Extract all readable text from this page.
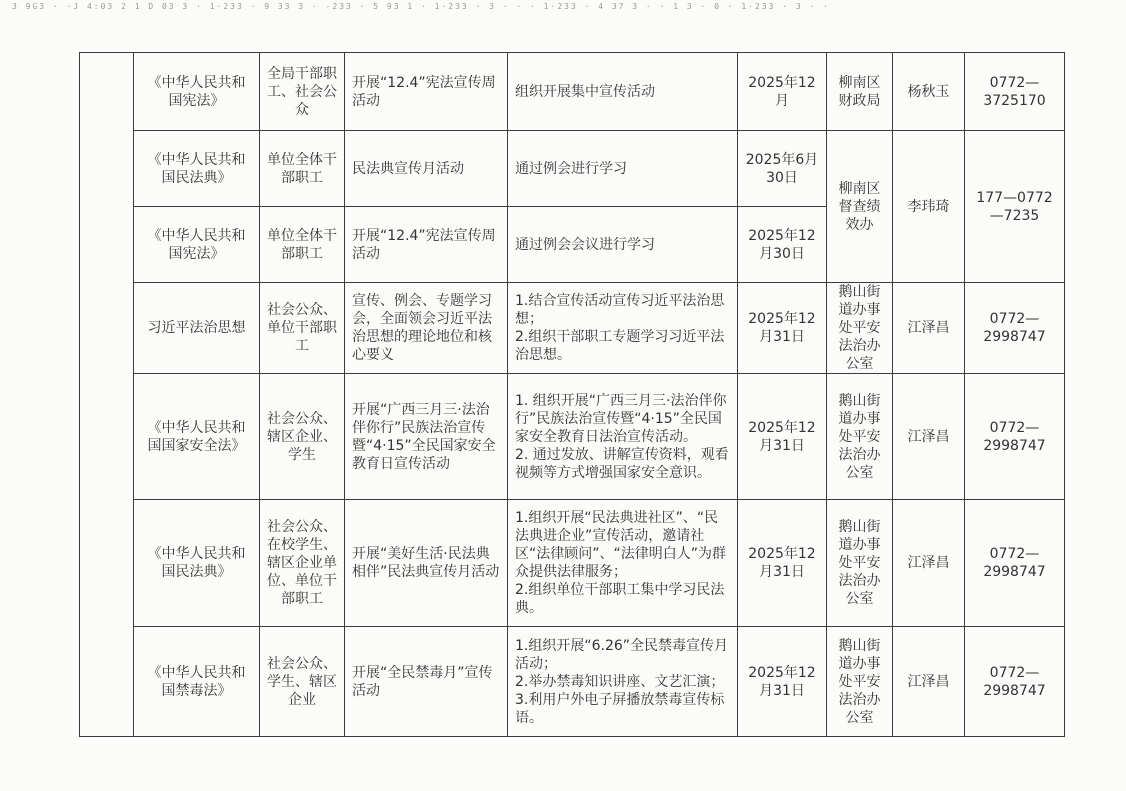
3 9G3 · ·J 4:03 2 1 D 03 3 · 1·233 · 9 33 3 · -233 · 5 93 1 · 1·233 · 3 · · · 1·233 · 4 37 3 · · 1 3 · 0 · 1·233 · 3 · ·
	《中华人民共和国宪法》	全局干部职工、社会公众	开展“12.4”宪法宣传周活动	组织开展集中宣传活动	2025年12月	柳南区财政局	杨秋玉	0772—3725170
	《中华人民共和国民法典》	单位全体干部职工	民法典宣传月活动	通过例会进行学习	2025年6月30日	柳南区督查绩效办	李玮琦	177—0772—7235
	《中华人民共和国宪法》	单位全体干部职工	开展“12.4”宪法宣传周活动	通过例会会议进行学习	2025年12月30日			
	习近平法治思想	社会公众、单位干部职工	宣传、例会、专题学习会，全面领会习近平法治思想的理论地位和核心要义	1.结合宣传活动宣传习近平法治思想；
2.组织干部职工专题学习习近平法治思想。	2025年12月31日	鹅山街道办事处平安法治办公室	江泽昌	0772—2998747
	《中华人民共和国国家安全法》	社会公众、辖区企业、学生	开展“广西三月三·法治伴你行”民族法治宣传暨“4·15”全民国家安全教育日宣传活动	1. 组织开展“广西三月三·法治伴你行”民族法治宣传暨“4·15”全民国家安全教育日法治宣传活动。
2. 通过发放、讲解宣传资料，观看视频等方式增强国家安全意识。	2025年12月31日	鹅山街道办事处平安法治办公室	江泽昌	0772—2998747
	《中华人民共和国民法典》	社会公众、在校学生、辖区企业单位、单位干部职工	开展“美好生活·民法典相伴”民法典宣传月活动	1.组织开展“民法典进社区”、“民法典进企业”宣传活动，邀请社区“法律顾问”、“法律明白人”为群众提供法律服务；
2.组织单位干部职工集中学习民法典。	2025年12月31日	鹅山街道办事处平安法治办公室	江泽昌	0772—2998747
	《中华人民共和国禁毒法》	社会公众、学生、辖区企业	开展“全民禁毒月”宣传活动	1.组织开展“6.26”全民禁毒宣传月活动；
2.举办禁毒知识讲座、文艺汇演；
3.利用户外电子屏播放禁毒宣传标语。	2025年12月31日	鹅山街道办事处平安法治办公室	江泽昌	0772—2998747
